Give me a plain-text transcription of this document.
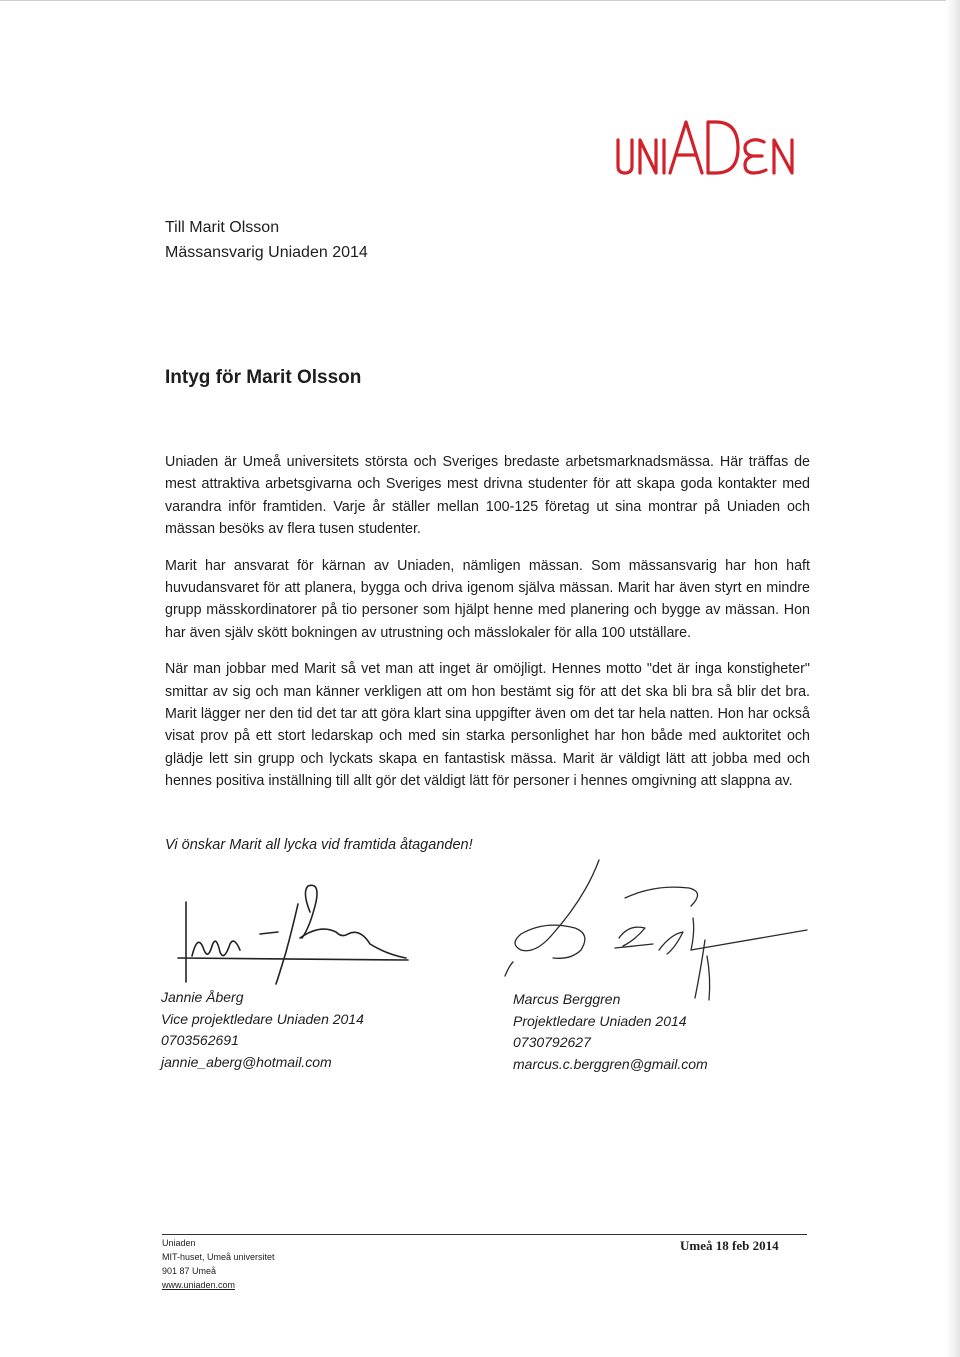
Till Marit Olsson
Mässansvarig Uniaden 2014
Intyg för Marit Olsson

Uniaden är Umeå universitets största och Sveriges bredaste arbetsmarknadsmässa. Här träffas de mest attraktiva arbetsgivarna och Sveriges mest drivna studenter för att skapa goda kontakter med varandra inför framtiden. Varje år ställer mellan 100-125 företag ut sina montrar på Uniaden och mässan besöks av flera tusen studenter.

Marit har ansvarat för kärnan av Uniaden, nämligen mässan. Som mässansvarig har hon haft huvudansvaret för att planera, bygga och driva igenom själva mässan. Marit har även styrt en mindre grupp mässkordinatorer på tio personer som hjälpt henne med planering och bygge av mässan. Hon har även själv skött bokningen av utrustning och mässlokaler för alla 100 utställare.

När man jobbar med Marit så vet man att inget är omöjligt. Hennes motto "det är inga konstigheter" smittar av sig och man känner verkligen att om hon bestämt sig för att det ska bli bra så blir det bra. Marit lägger ner den tid det tar att göra klart sina uppgifter även om det tar hela natten. Hon har också visat prov på ett stort ledarskap och med sin starka personlighet har hon både med auktoritet och glädje lett sin grupp och lyckats skapa en fantastisk mässa. Marit är väldigt lätt att jobba med och hennes positiva inställning till allt gör det väldigt lätt för personer i hennes omgivning att slappna av.

Vi önskar Marit all lycka vid framtida åtaganden!
Jannie Åberg
Vice projektledare Uniaden 2014
0703562691
jannie_aberg@hotmail.com
Marcus Berggren
Projektledare Uniaden 2014
0730792627
marcus.c.berggren@gmail.com
Uniaden
MIT-huset, Umeå universitet
901 87 Umeå
www.uniaden.com
Umeå 18 feb 2014
